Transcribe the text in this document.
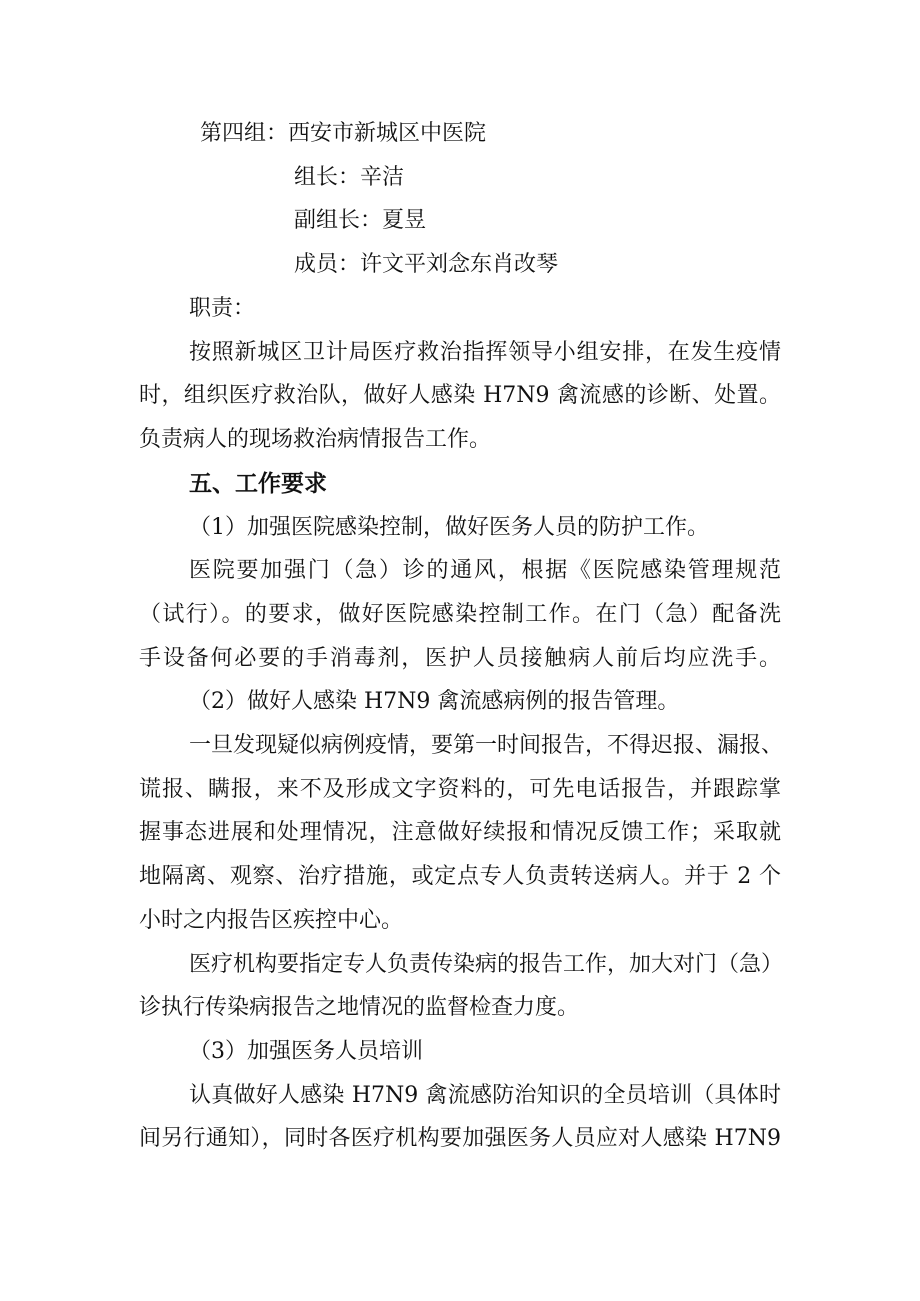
第四组：西安市新城区中医院
组长：辛洁
副组长：夏昱
成员：许文平刘念东肖改琴
职责：
按照新城区卫计局医疗救治指挥领导小组安排，在发生疫情
时，组织医疗救治队，做好人感染 H7N9 禽流感的诊断、处置。
负责病人的现场救治病情报告工作。
五、工作要求
（1）加强医院感染控制，做好医务人员的防护工作。
医院要加强门（急）诊的通风，根据《医院感染管理规范
（试行）。的要求，做好医院感染控制工作。在门（急）配备洗
手设备何必要的手消毒剂，医护人员接触病人前后均应洗手。
（2）做好人感染 H7N9 禽流感病例的报告管理。
一旦发现疑似病例疫情，要第一时间报告，不得迟报、漏报、
谎报、瞒报，来不及形成文字资料的，可先电话报告，并跟踪掌
握事态进展和处理情况，注意做好续报和情况反馈工作；采取就
地隔离、观察、治疗措施，或定点专人负责转送病人。并于 2 个
小时之内报告区疾控中心。
医疗机构要指定专人负责传染病的报告工作，加大对门（急）
诊执行传染病报告之地情况的监督检查力度。
（3）加强医务人员培训
认真做好人感染 H7N9 禽流感防治知识的全员培训（具体时
间另行通知），同时各医疗机构要加强医务人员应对人感染 H7N9
